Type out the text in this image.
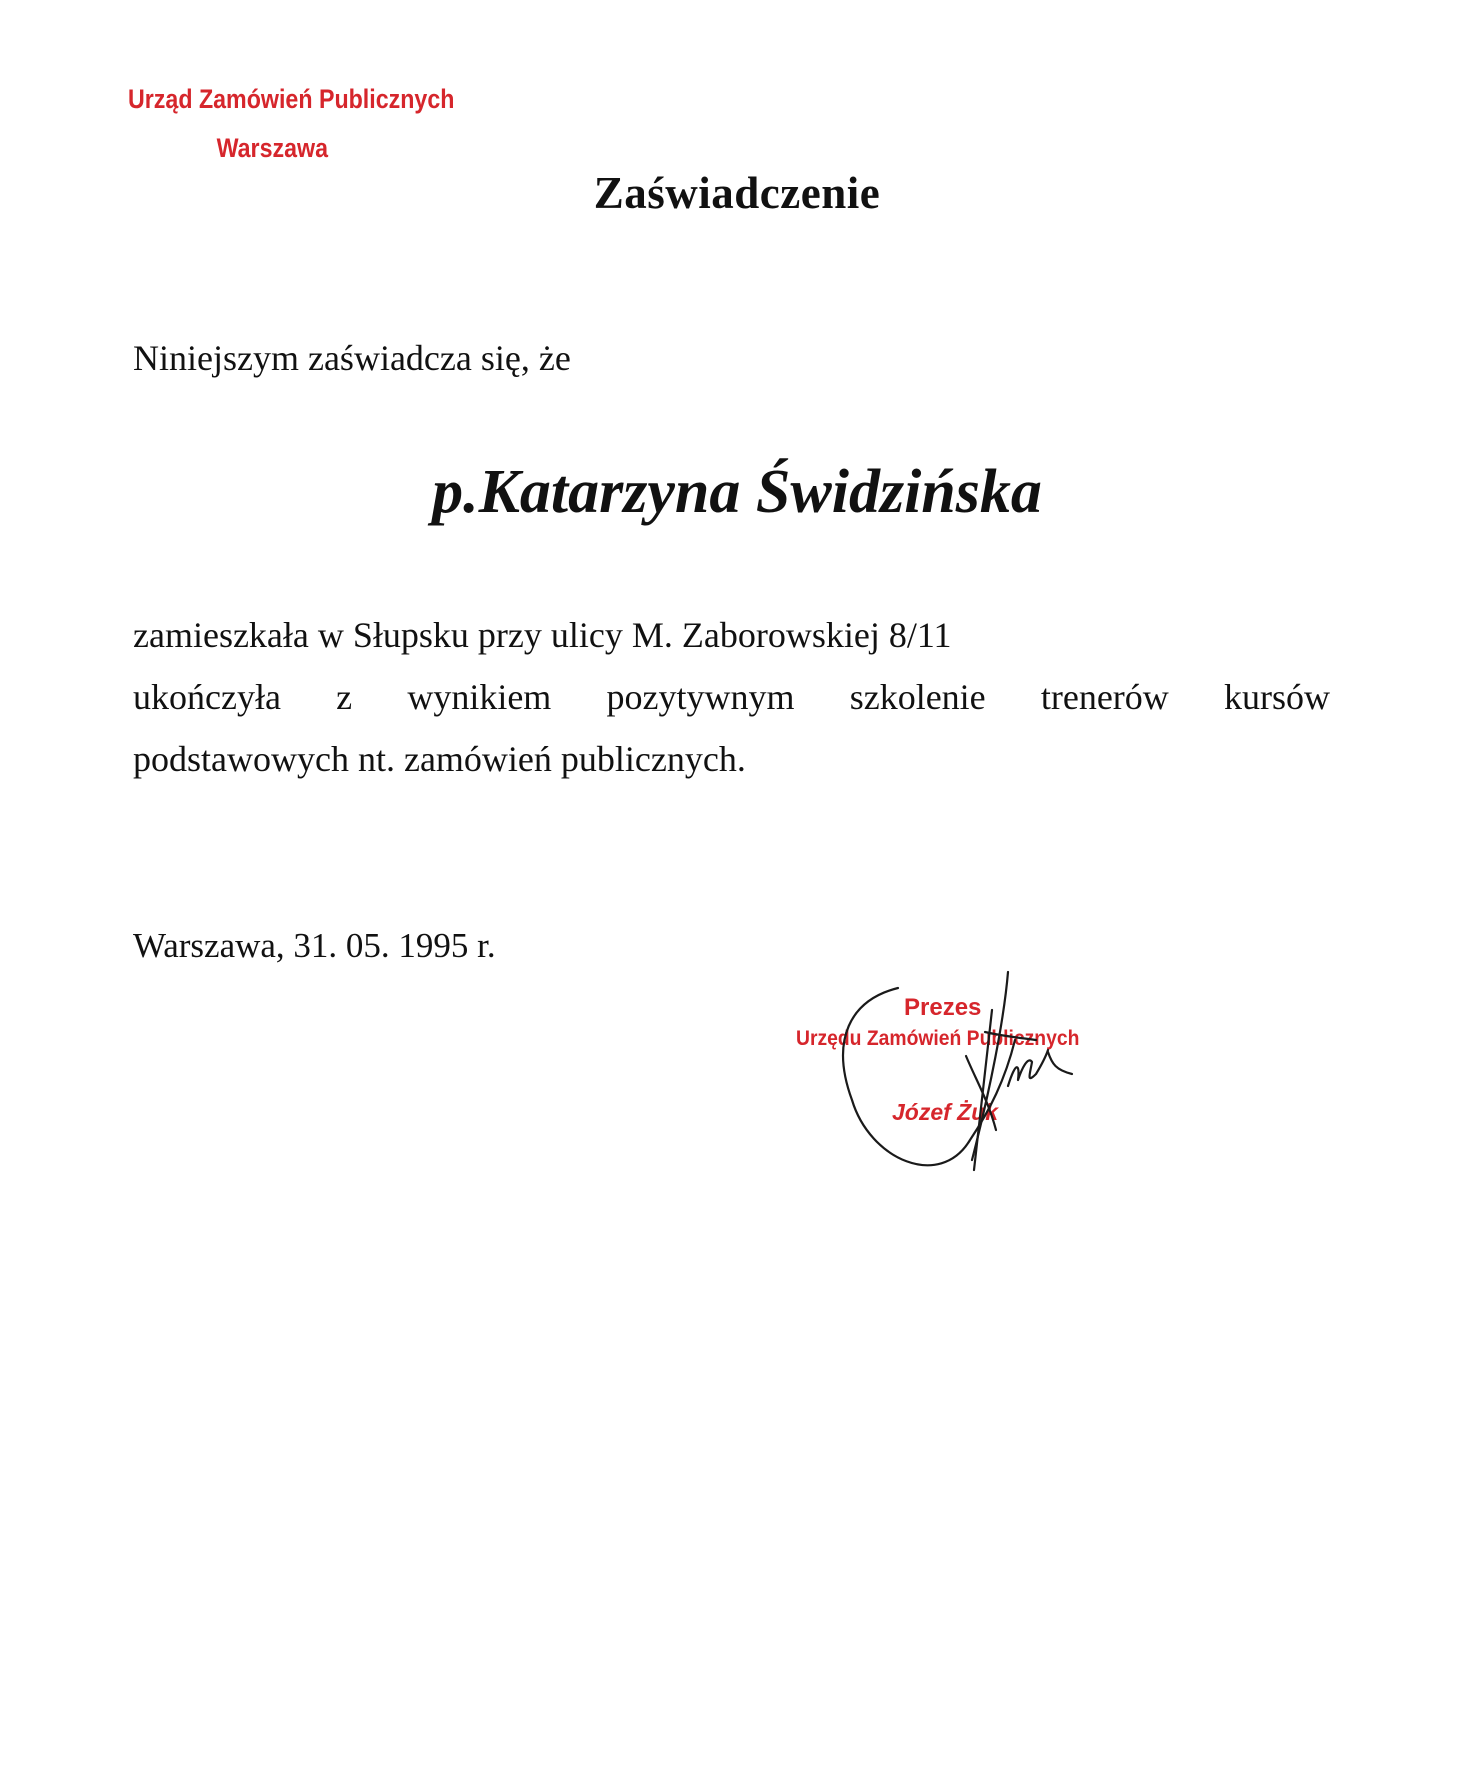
Urząd Zamówień Publicznych
Warszawa
Zaświadczenie
Niniejszym zaświadcza się, że
p.Katarzyna Świdzińska
zamieszkała w Słupsku przy ulicy M. Zaborowskiej 8/11
ukończyła z wynikiem pozytywnym szkolenie trenerów kursów
podstawowych nt. zamówień publicznych.
Warszawa, 31. 05. 1995 r.
Prezes
Urzędu Zamówień Publicznych
Józef Żuk
